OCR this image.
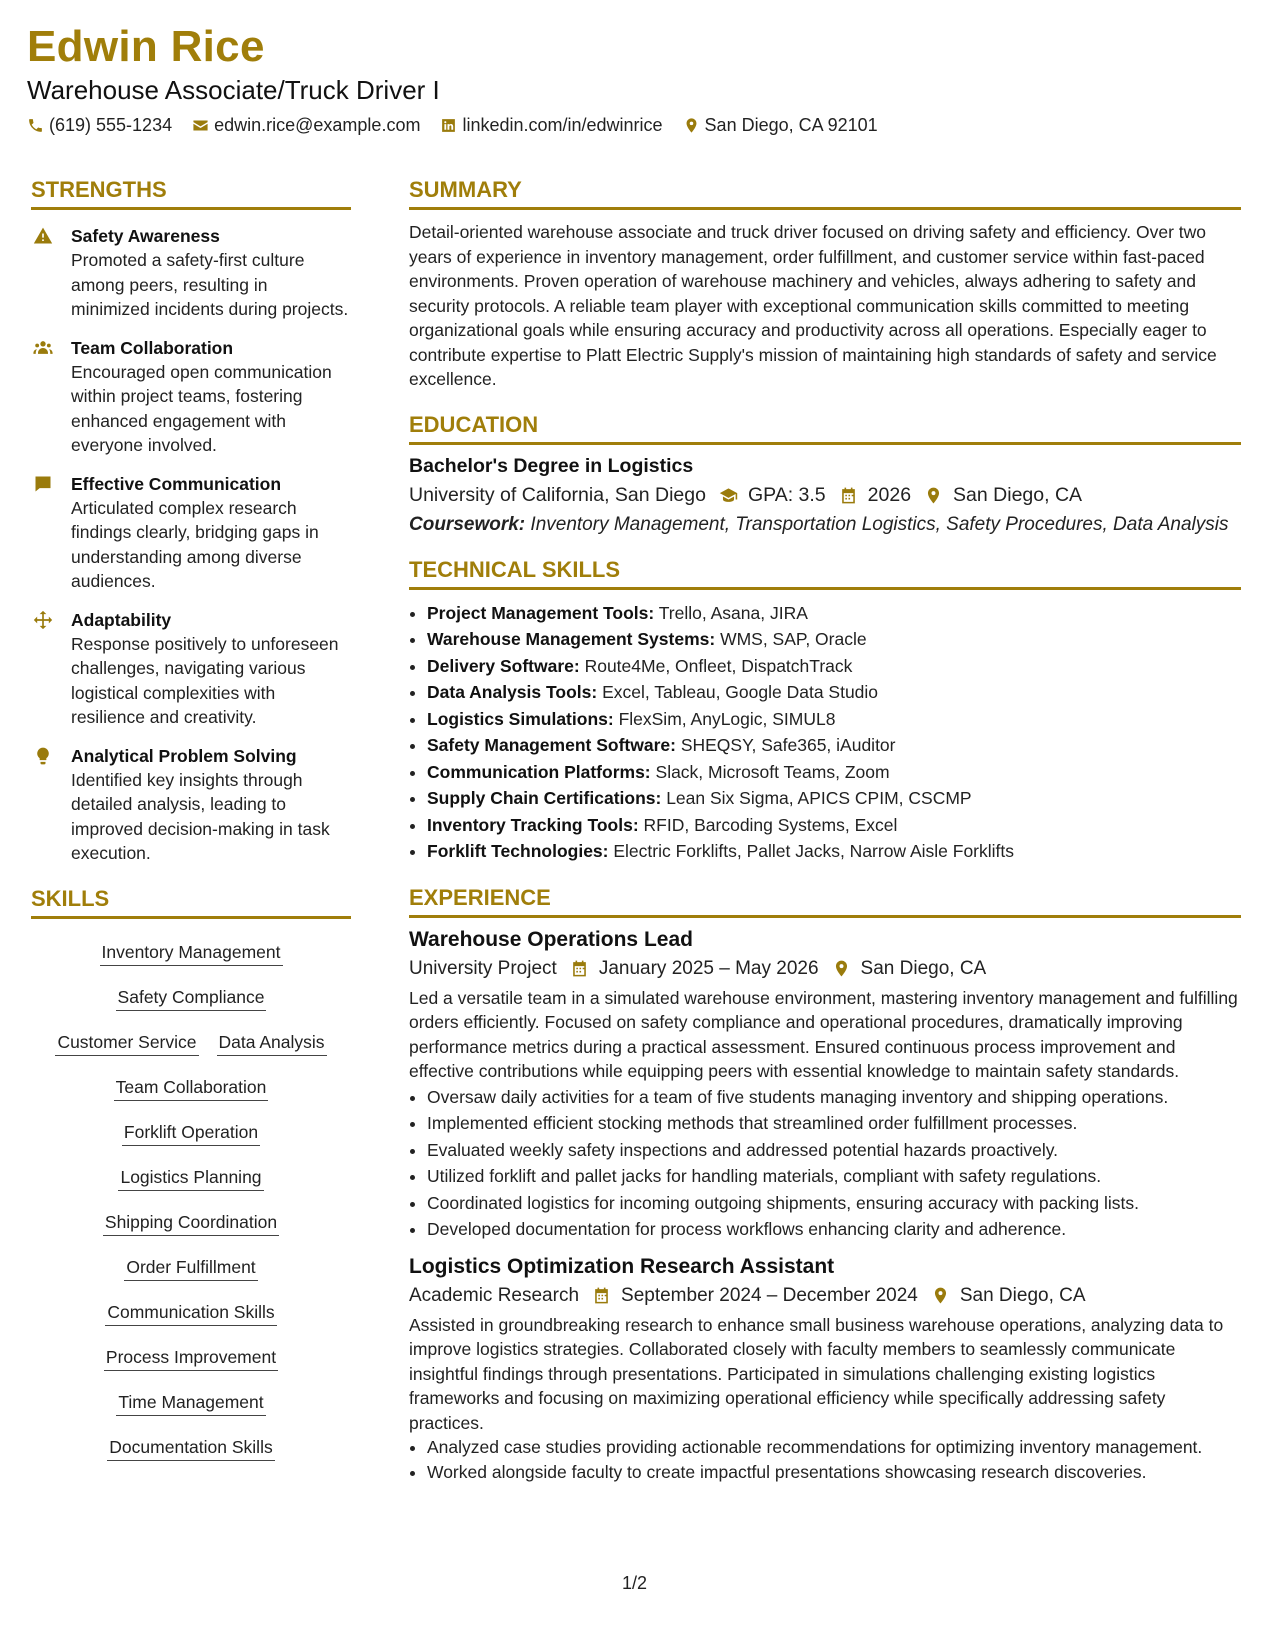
Edwin Rice
Warehouse Associate/Truck Driver I
(619) 555-1234 edwin.rice@example.com linkedin.com/in/edwinrice San Diego, CA 92101
STRENGTHS
Safety Awareness
Promoted a safety-first culture among peers, resulting in minimized incidents during projects.
Team Collaboration
Encouraged open communication within project teams, fostering enhanced engagement with everyone involved.
Effective Communication
Articulated complex research findings clearly, bridging gaps in understanding among diverse audiences.
Adaptability
Response positively to unforeseen challenges, navigating various logistical complexities with resilience and creativity.
Analytical Problem Solving
Identified key insights through detailed analysis, leading to improved decision-making in task execution.
SKILLS
Inventory Management
Safety Compliance
Customer Service Data Analysis
Team Collaboration
Forklift Operation
Logistics Planning
Shipping Coordination
Order Fulfillment
Communication Skills
Process Improvement
Time Management
Documentation Skills
SUMMARY
Detail-oriented warehouse associate and truck driver focused on driving safety and efficiency. Over two years of experience in inventory management, order fulfillment, and customer service within fast-paced environments. Proven operation of warehouse machinery and vehicles, always adhering to safety and security protocols. A reliable team player with exceptional communication skills committed to meeting organizational goals while ensuring accuracy and productivity across all operations. Especially eager to contribute expertise to Platt Electric Supply's mission of maintaining high standards of safety and service excellence.
EDUCATION
Bachelor's Degree in Logistics
University of California, San Diego GPA: 3.5 2026 San Diego, CA
Coursework: Inventory Management, Transportation Logistics, Safety Procedures, Data Analysis
TECHNICAL SKILLS
• Project Management Tools: Trello, Asana, JIRA
• Warehouse Management Systems: WMS, SAP, Oracle
• Delivery Software: Route4Me, Onfleet, DispatchTrack
• Data Analysis Tools: Excel, Tableau, Google Data Studio
• Logistics Simulations: FlexSim, AnyLogic, SIMUL8
• Safety Management Software: SHEQSY, Safe365, iAuditor
• Communication Platforms: Slack, Microsoft Teams, Zoom
• Supply Chain Certifications: Lean Six Sigma, APICS CPIM, CSCMP
• Inventory Tracking Tools: RFID, Barcoding Systems, Excel
• Forklift Technologies: Electric Forklifts, Pallet Jacks, Narrow Aisle Forklifts
EXPERIENCE
Warehouse Operations Lead
University Project January 2025 – May 2026 San Diego, CA
Led a versatile team in a simulated warehouse environment, mastering inventory management and fulfilling orders efficiently. Focused on safety compliance and operational procedures, dramatically improving performance metrics during a practical assessment. Ensured continuous process improvement and effective contributions while equipping peers with essential knowledge to maintain safety standards.
• Oversaw daily activities for a team of five students managing inventory and shipping operations.
• Implemented efficient stocking methods that streamlined order fulfillment processes.
• Evaluated weekly safety inspections and addressed potential hazards proactively.
• Utilized forklift and pallet jacks for handling materials, compliant with safety regulations.
• Coordinated logistics for incoming outgoing shipments, ensuring accuracy with packing lists.
• Developed documentation for process workflows enhancing clarity and adherence.
Logistics Optimization Research Assistant
Academic Research September 2024 – December 2024 San Diego, CA
Assisted in groundbreaking research to enhance small business warehouse operations, analyzing data to improve logistics strategies. Collaborated closely with faculty members to seamlessly communicate insightful findings through presentations. Participated in simulations challenging existing logistics frameworks and focusing on maximizing operational efficiency while specifically addressing safety practices.
• Analyzed case studies providing actionable recommendations for optimizing inventory management.
• Worked alongside faculty to create impactful presentations showcasing research discoveries.
1/2
